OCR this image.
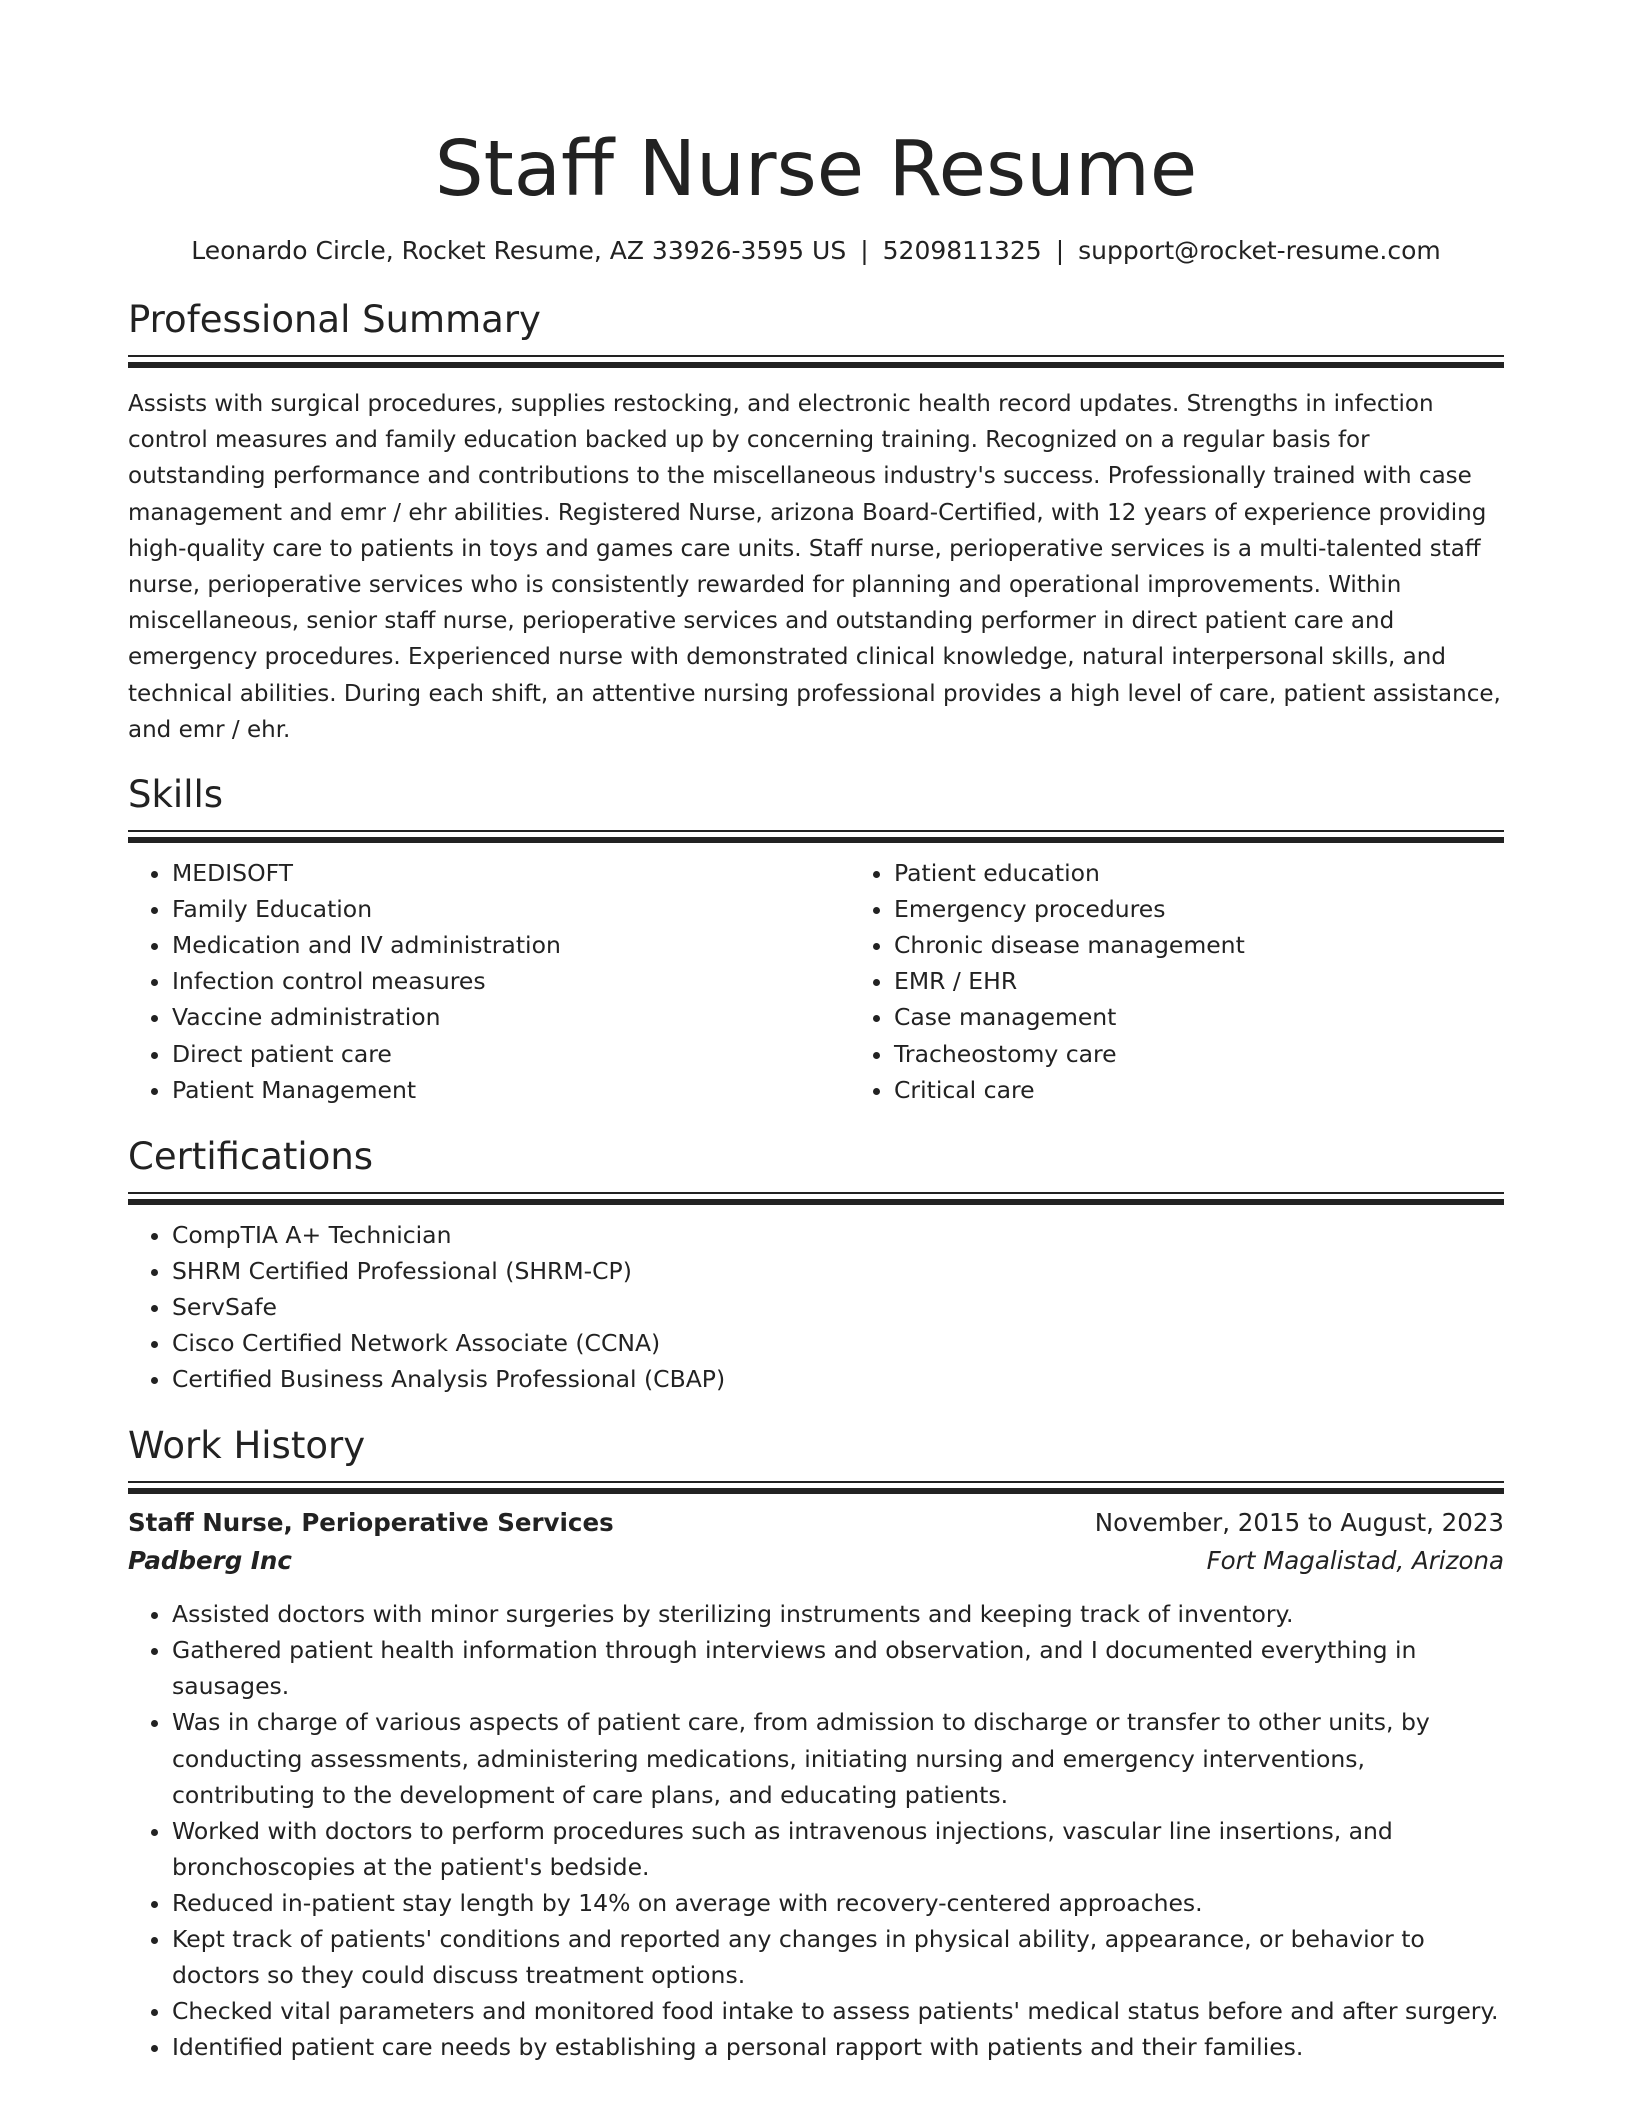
Staff Nurse Resume
Leonardo Circle, Rocket Resume, AZ 33926-3595 US | 5209811325 | support@rocket-resume.com
Professional Summary

Assists with surgical procedures, supplies restocking, and electronic health record updates. Strengths in infection control measures and family education backed up by concerning training. Recognized on a regular basis for outstanding performance and contributions to the miscellaneous industry's success. Professionally trained with case management and emr / ehr abilities. Registered Nurse, arizona Board-Certified, with 12 years of experience providing high-quality care to patients in toys and games care units. Staff nurse, perioperative services is a multi-talented staff nurse, perioperative services who is consistently rewarded for planning and operational improvements. Within miscellaneous, senior staff nurse, perioperative services and outstanding performer in direct patient care and emergency procedures. Experienced nurse with demonstrated clinical knowledge, natural interpersonal skills, and technical abilities. During each shift, an attentive nursing professional provides a high level of care, patient assistance, and emr / ehr.

Skills
• MEDISOFT
• Family Education
• Medication and IV administration
• Infection control measures
• Vaccine administration
• Direct patient care
• Patient Management
• Patient education
• Emergency procedures
• Chronic disease management
• EMR / EHR
• Case management
• Tracheostomy care
• Critical care
Certifications
• CompTIA A+ Technician
• SHRM Certified Professional (SHRM-CP)
• ServSafe
• Cisco Certified Network Associate (CCNA)
• Certified Business Analysis Professional (CBAP)
Work History
Staff Nurse, Perioperative Services	November, 2015 to August, 2023
Padberg Inc	Fort Magalistad, Arizona
• Assisted doctors with minor surgeries by sterilizing instruments and keeping track of inventory.
• Gathered patient health information through interviews and observation, and I documented everything in sausages.
• Was in charge of various aspects of patient care, from admission to discharge or transfer to other units, by conducting assessments, administering medications, initiating nursing and emergency interventions, contributing to the development of care plans, and educating patients.
• Worked with doctors to perform procedures such as intravenous injections, vascular line insertions, and bronchoscopies at the patient's bedside.
• Reduced in-patient stay length by 14% on average with recovery-centered approaches.
• Kept track of patients' conditions and reported any changes in physical ability, appearance, or behavior to doctors so they could discuss treatment options.
• Checked vital parameters and monitored food intake to assess patients' medical status before and after surgery.
• Identified patient care needs by establishing a personal rapport with patients and their families.
